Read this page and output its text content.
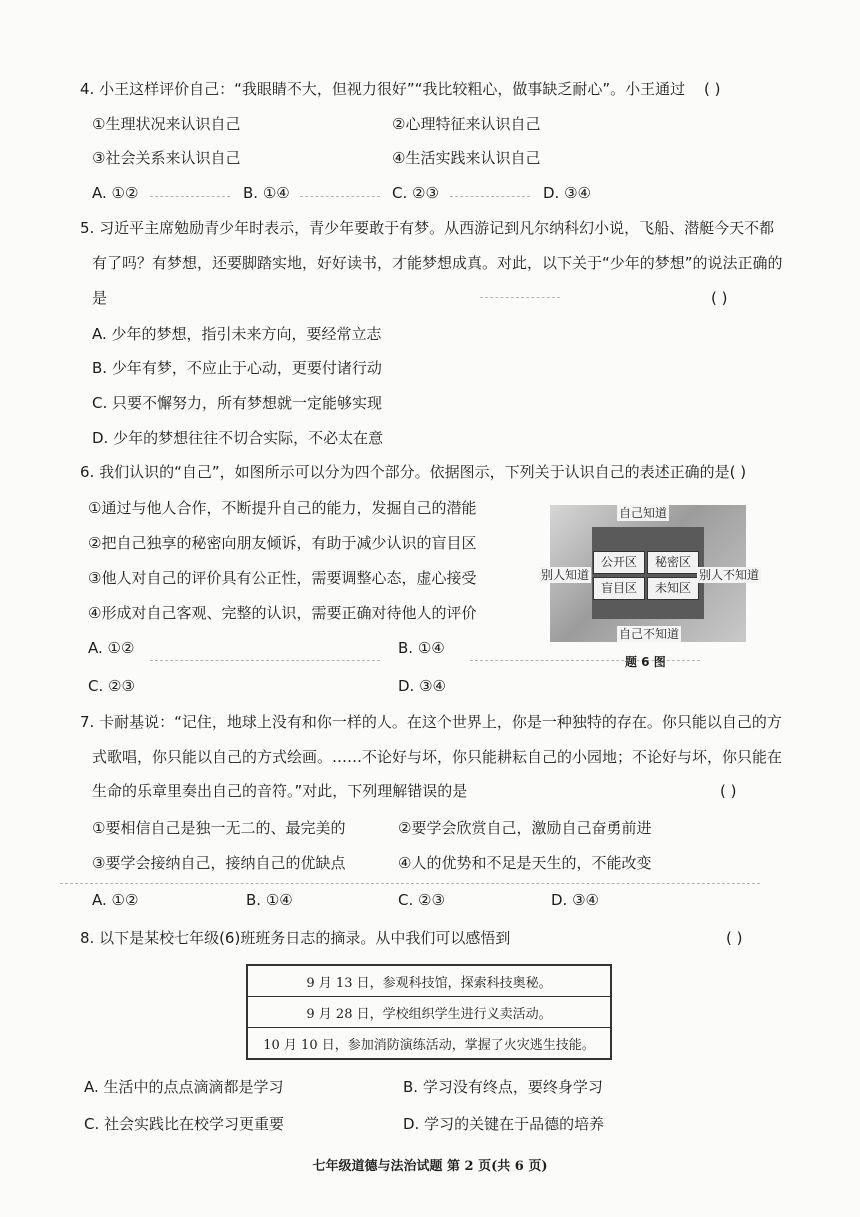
4. 小王这样评价自己：“我眼睛不大，但视力很好”“我比较粗心，做事缺乏耐心”。小王通过 ( )
①生理状况来认识自己	②心理特征来认识自己
③社会关系来认识自己	④生活实践来认识自己
A. ①②	B. ①④	C. ②③	D. ③④
5. 习近平主席勉励青少年时表示，青少年要敢于有梦。从西游记到凡尔纳科幻小说，飞船、潜艇今天不都
有了吗？有梦想，还要脚踏实地，好好读书，才能梦想成真。对此，以下关于“少年的梦想”的说法正确的
是	( )
A. 少年的梦想，指引未来方向，要经常立志
B. 少年有梦，不应止于心动，更要付诸行动
C. 只要不懈努力，所有梦想就一定能够实现
D. 少年的梦想往往不切合实际，不必太在意
6. 我们认识的“自己”，如图所示可以分为四个部分。依据图示，下列关于认识自己的表述正确的是( )
①通过与他人合作，不断提升自己的能力，发掘自己的潜能
②把自己独享的秘密向朋友倾诉，有助于减少认识的盲目区
③他人对自己的评价具有公正性，需要调整心态，虚心接受
④形成对自己客观、完整的认识，需要正确对待他人的评价
A. ①②	B. ①④
C. ②③	D. ③④
公开区	秘密区
盲目区	未知区
自己知道
自己不知道
别人知道	别人不知道
题 6 图
7. 卡耐基说：“记住，地球上没有和你一样的人。在这个世界上，你是一种独特的存在。你只能以自己的方
式歌唱，你只能以自己的方式绘画。……不论好与坏，你只能耕耘自己的小园地；不论好与坏，你只能在
生命的乐章里奏出自己的音符。”对此，下列理解错误的是	( )
①要相信自己是独一无二的、最完美的	②要学会欣赏自己，激励自己奋勇前进
③要学会接纳自己，接纳自己的优缺点	④人的优势和不足是天生的，不能改变
A. ①②	B. ①④	C. ②③	D. ③④
8. 以下是某校七年级(6)班班务日志的摘录。从中我们可以感悟到	( )
9 月 13 日，参观科技馆，探索科技奥秘。
9 月 28 日，学校组织学生进行义卖活动。
10 月 10 日，参加消防演练活动，掌握了火灾逃生技能。
A. 生活中的点点滴滴都是学习	B. 学习没有终点，要终身学习
C. 社会实践比在校学习更重要	D. 学习的关键在于品德的培养
七年级道德与法治试题 第 2 页(共 6 页)
